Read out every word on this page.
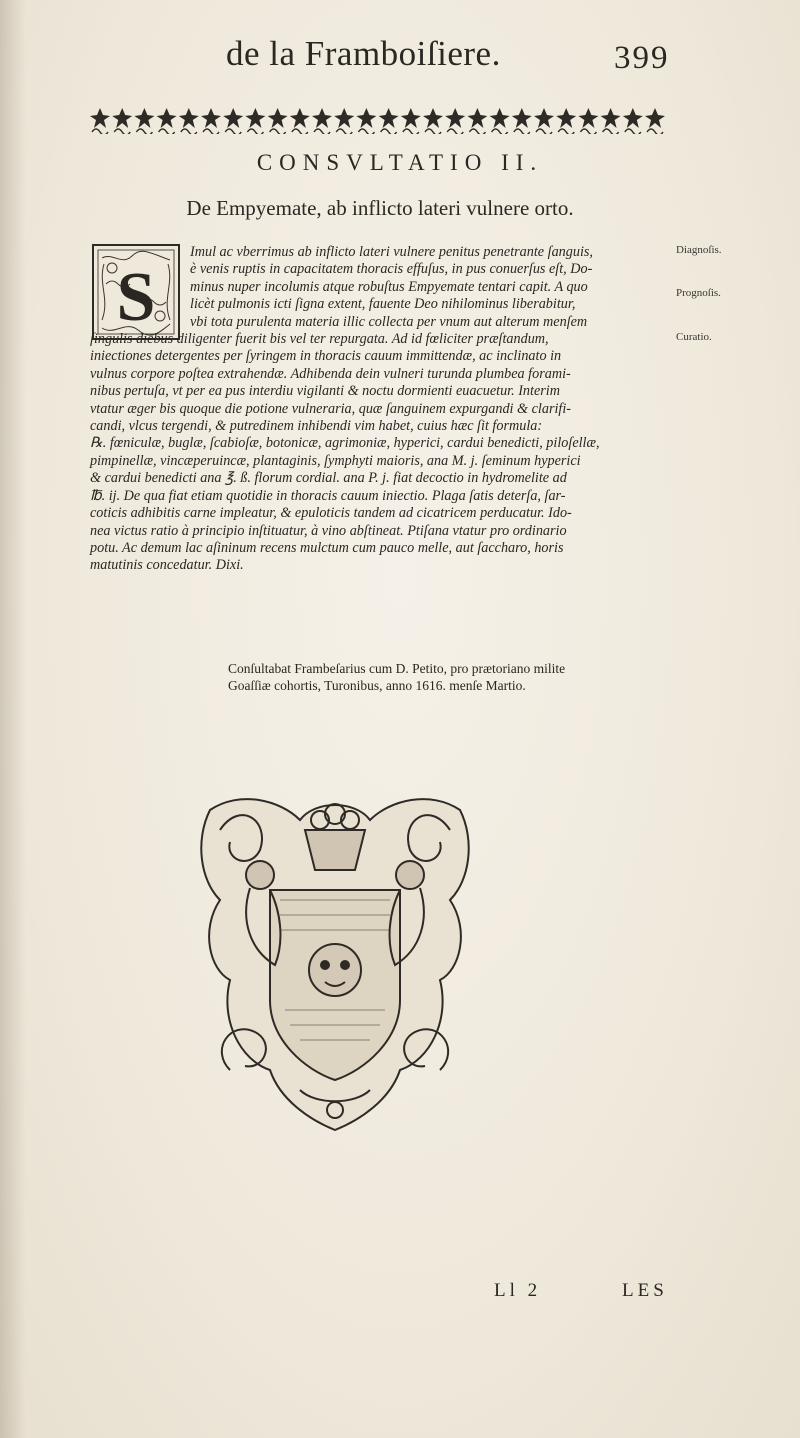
de la Framboiſiere.	399
CONSVLTATIO II.
De Empyemate, ab inflicto lateri vulnere orto.
S
Imul ac vberrimus ab inflicto lateri vulnere penitus penetrante ſanguis,
è venis ruptis in capacitatem thoracis effuſus, in pus conuerſus eſt, Do-
minus nuper incolumis atque robuſtus Empyemate tentari capit. A quo
licèt pulmonis icti ſigna extent, fauente Deo nihilominus liberabitur,
vbi tota purulenta materia illic collecta per vnum aut alterum menſem
ſingulis diebus diligenter fuerit bis vel ter repurgata. Ad id fœliciter præſtandum,
iniectiones detergentes per ſyringem in thoracis cauum immittendæ, ac inclinato in
vulnus corpore poſtea extrahendæ. Adhibenda dein vulneri turunda plumbea forami-
nibus pertuſa, vt per ea pus interdiu vigilanti & noctu dormienti euacuetur. Interim
vtatur æger bis quoque die potione vulneraria, quæ ſanguinem expurgandi & clarifi-
candi, vlcus tergendi, & putredinem inhibendi vim habet, cuius hæc ſit formula:
℞. fœniculæ, buglæ, ſcabioſæ, botonicæ, agrimoniæ, hyperici, cardui benedicti, piloſellæ,
pimpinellæ, vincæperuincæ, plantaginis, ſymphyti maioris, ana M. j. ſeminum hyperici
& cardui benedicti ana ℥. ß. florum cordial. ana P. j. fiat decoctio in hydromelite ad
℔. ij. De qua fiat etiam quotidie in thoracis cauum iniectio. Plaga ſatis deterſa, ſar-
coticis adhibitis carne impleatur, & epuloticis tandem ad cicatricem perducatur. Ido-
nea victus ratio à principio inſtituatur, à vino abſtineat. Ptiſana vtatur pro ordinario
potu. Ac demum lac aſininum recens mulctum cum pauco melle, aut ſaccharo, horis
matutinis concedatur. Dixi.
Diagnoſis.
Prognoſis.
Curatio.
Conſultabat Frambeſarius cum D. Petito, pro prætoriano milite
Goaſſiæ cohortis, Turonibus, anno 1616. menſe Martio.
Ll 2	LES
